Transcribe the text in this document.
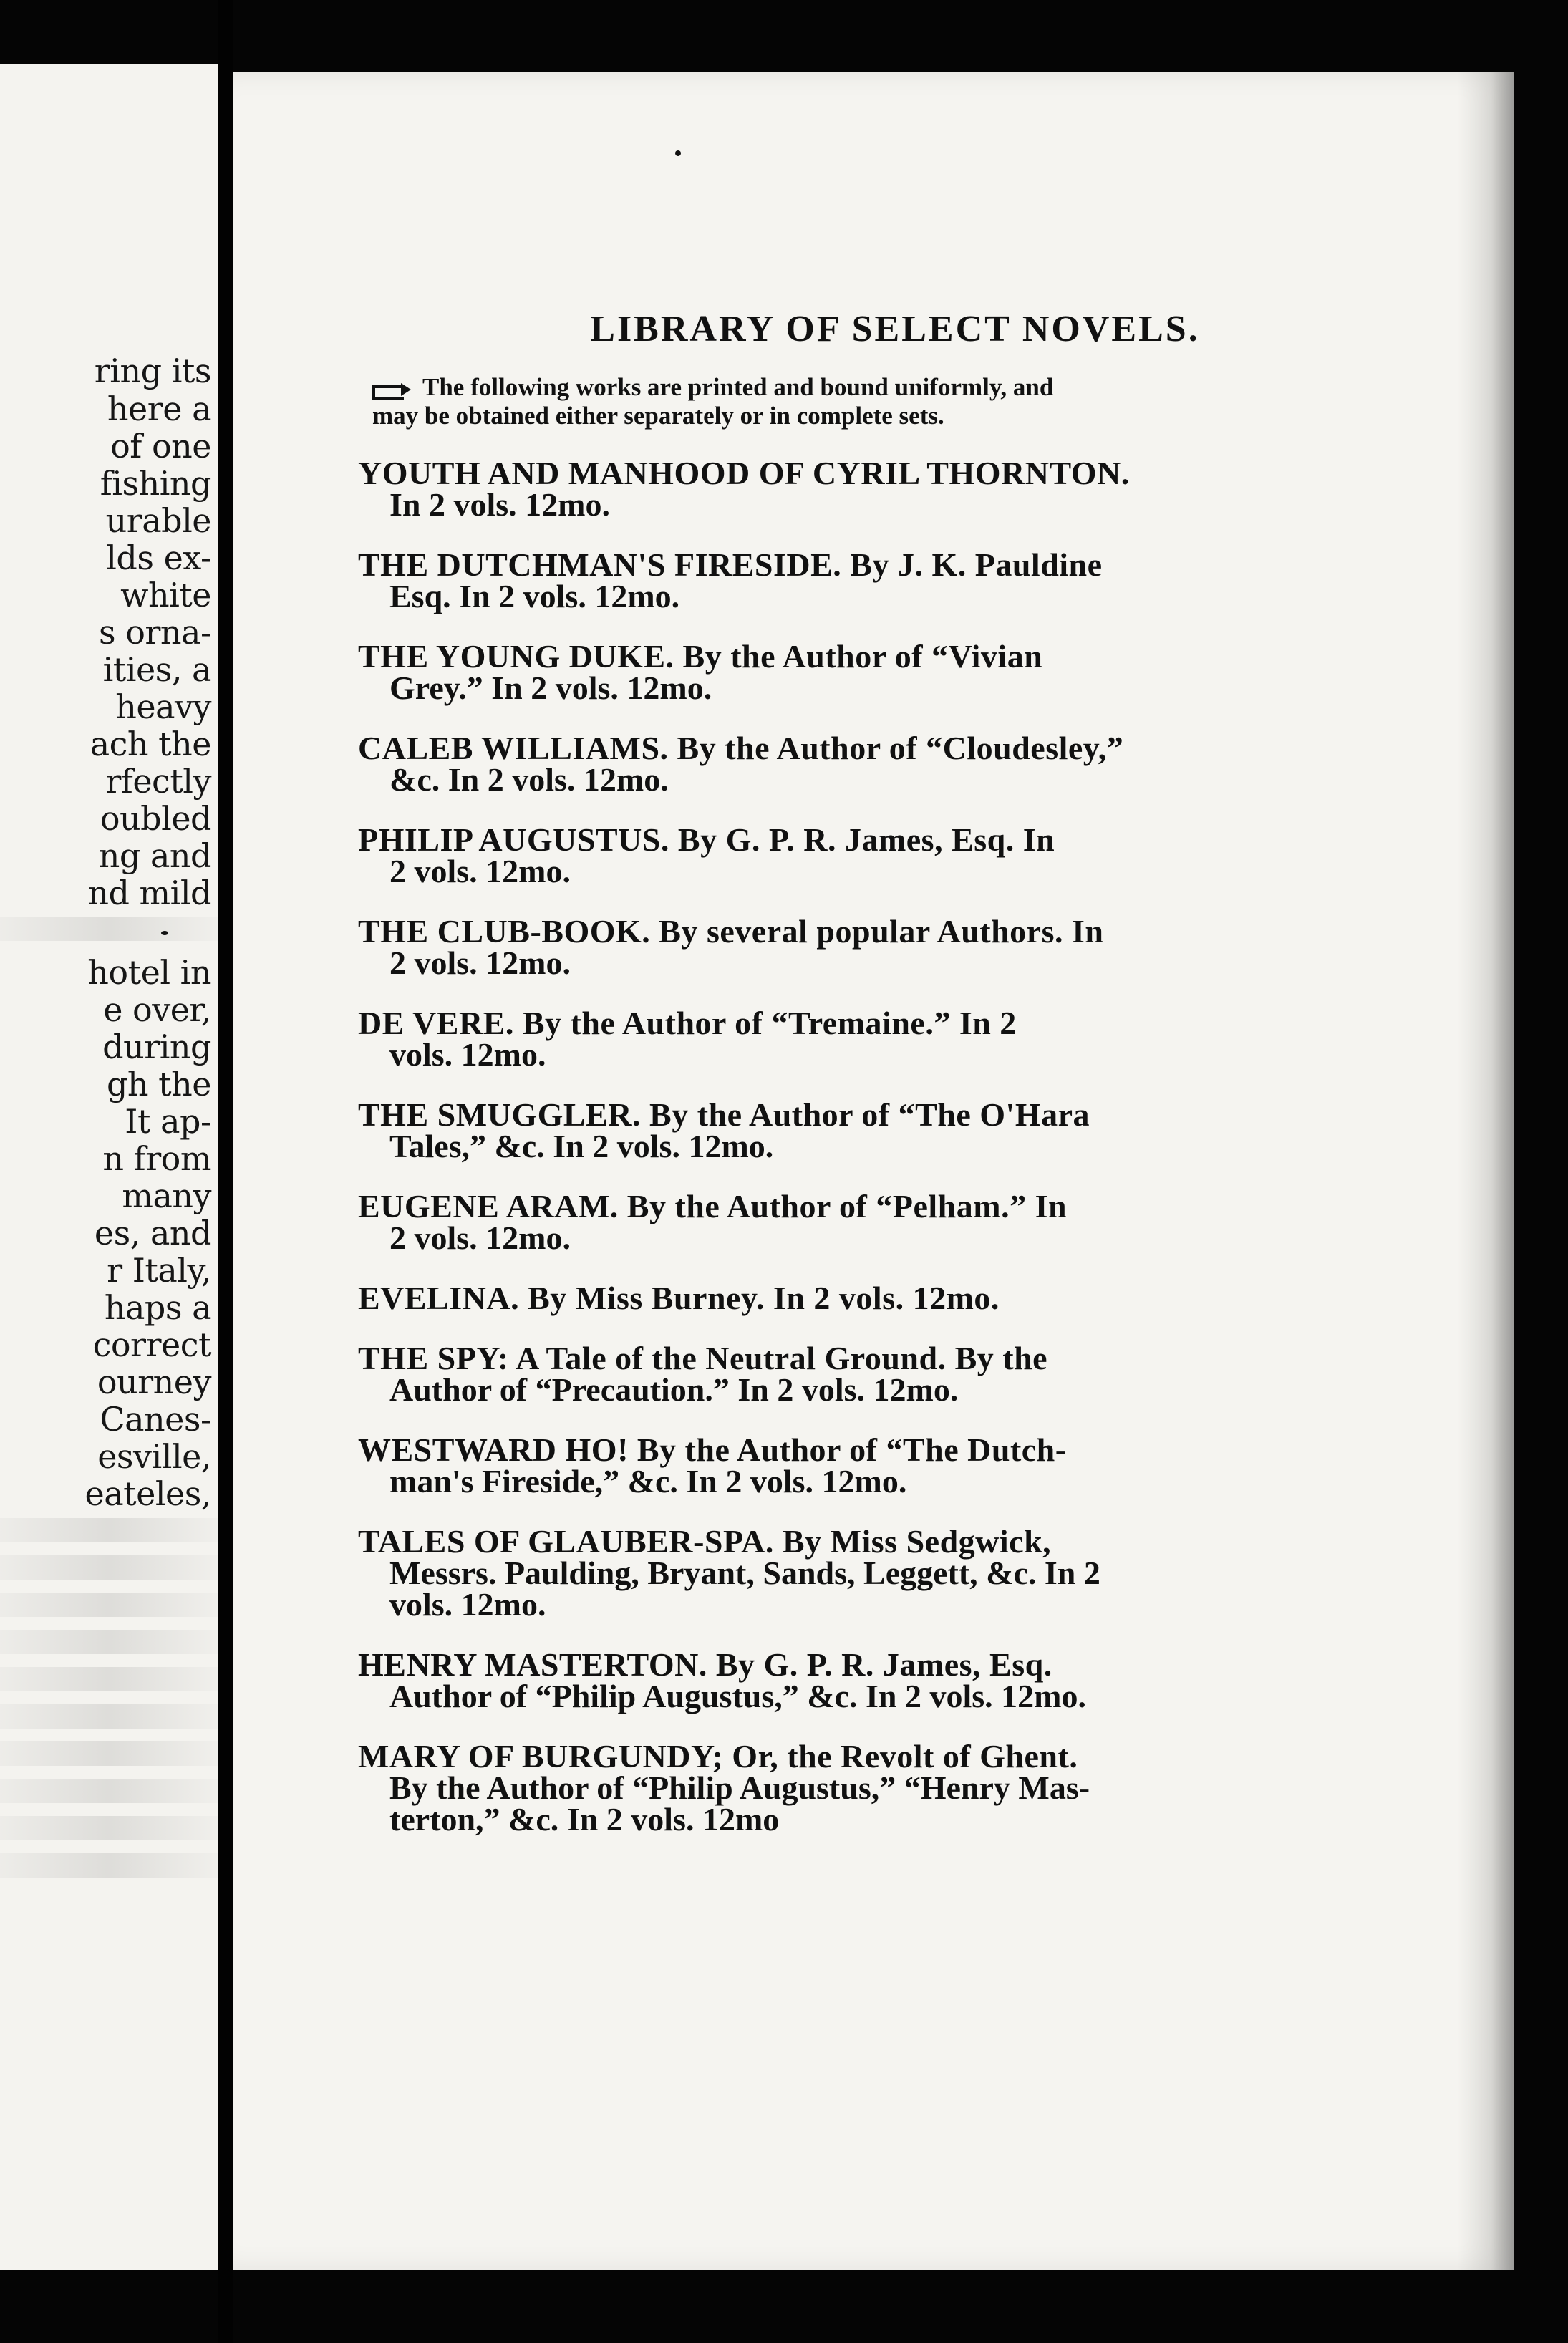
ring its
here a
of one
fishing
urable
lds ex-
white
s orna-
ities, a
heavy
ach the
rfectly
oubled
ng and
nd mild
hotel in
e over,
during
gh the
It ap-
n from
many
es, and
r Italy,
haps a
correct
ourney
Canes-
esville,
eateles,
LIBRARY OF SELECT NOVELS.
The following works are printed and bound uniformly, and
may be obtained either separately or in complete sets.
YOUTH AND MANHOOD OF CYRIL THORNTON.
In 2 vols. 12mo.
THE DUTCHMAN'S FIRESIDE. By J. K. Pauldine
Esq. In 2 vols. 12mo.
THE YOUNG DUKE. By the Author of “Vivian
Grey.” In 2 vols. 12mo.
CALEB WILLIAMS. By the Author of “Cloudesley,”
&c. In 2 vols. 12mo.
PHILIP AUGUSTUS. By G. P. R. James, Esq. In
2 vols. 12mo.
THE CLUB-BOOK. By several popular Authors. In
2 vols. 12mo.
DE VERE. By the Author of “Tremaine.” In 2
vols. 12mo.
THE SMUGGLER. By the Author of “The O'Hara
Tales,” &c. In 2 vols. 12mo.
EUGENE ARAM. By the Author of “Pelham.” In
2 vols. 12mo.
EVELINA. By Miss Burney. In 2 vols. 12mo.
THE SPY: A Tale of the Neutral Ground. By the
Author of “Precaution.” In 2 vols. 12mo.
WESTWARD HO! By the Author of “The Dutch-
man's Fireside,” &c. In 2 vols. 12mo.
TALES OF GLAUBER-SPA. By Miss Sedgwick,
Messrs. Paulding, Bryant, Sands, Leggett, &c. In 2
vols. 12mo.
HENRY MASTERTON. By G. P. R. James, Esq.
Author of “Philip Augustus,” &c. In 2 vols. 12mo.
MARY OF BURGUNDY; Or, the Revolt of Ghent.
By the Author of “Philip Augustus,” “Henry Mas-
terton,” &c. In 2 vols. 12mo
